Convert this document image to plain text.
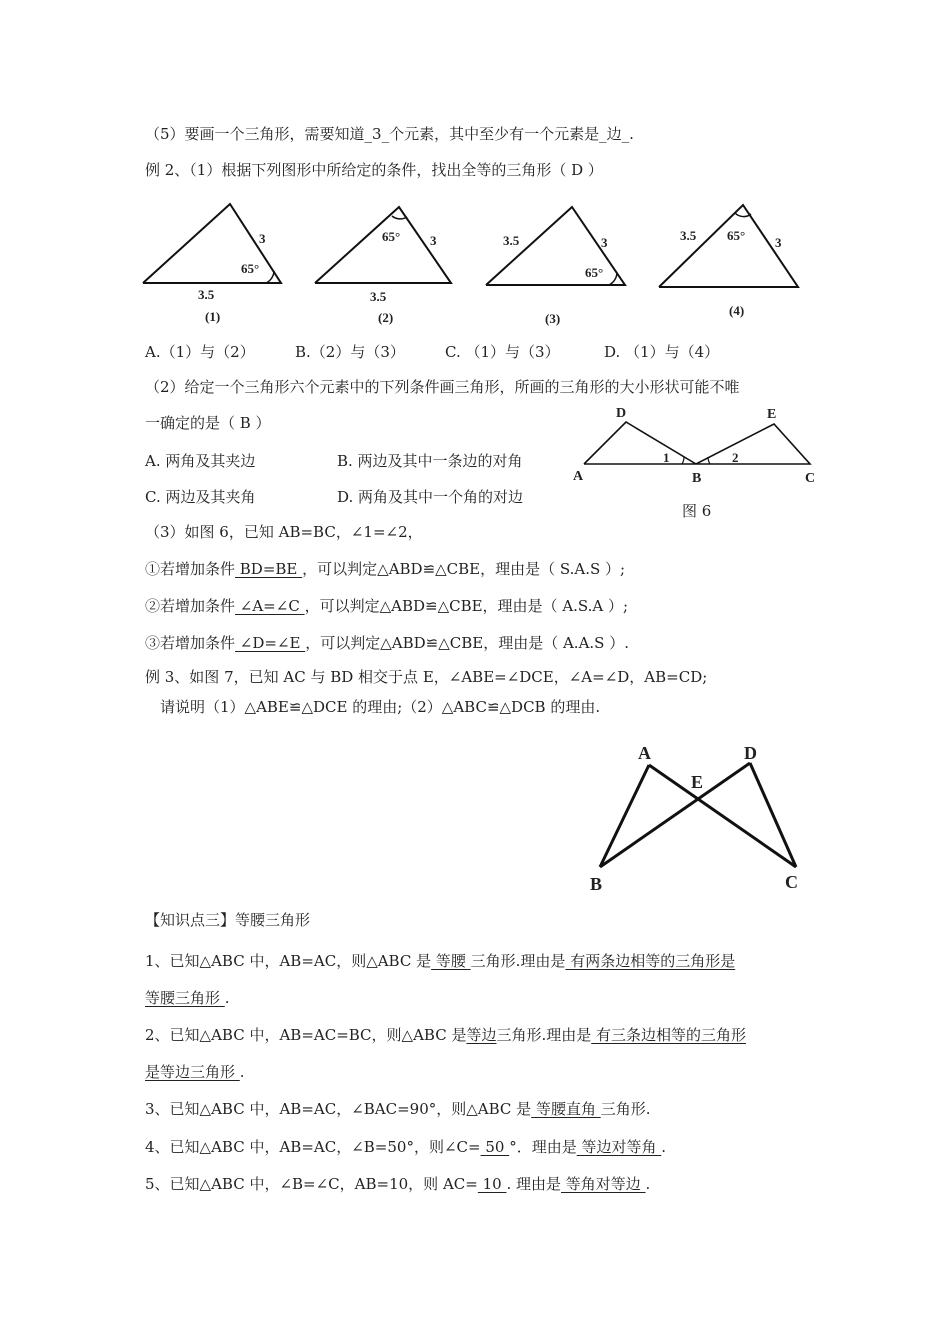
（5）要画一个三角形，需要知道_3_个元素，其中至少有一个元素是_边_.
例 2、（1）根据下列图形中所给定的条件，找出全等的三角形（ D ）
3
65°
3.5
(1)
65° 3
3.5
(2)
3.5	3
65°
(3)
3.5 65° 3
(4)
A.（1）与（2）	B.（2）与（3）	C. （1）与（3）	D. （1）与（4）
（2）给定一个三角形六个元素中的下列条件画三角形，所画的三角形的大小形状可能不唯
一确定的是（ B ）
A. 两角及其夹边	B. 两边及其中一条边的对角
C. 两边及其夹角	D. 两角及其中一个角的对边
D	E
A	B	C
1	2
图 6
（3）如图 6，已知 AB=BC，∠1=∠2，
①若增加条件 BD=BE ，可以判定△ABD≌△CBE，理由是（ S.A.S ）;
②若增加条件 ∠A=∠C ，可以判定△ABD≌△CBE，理由是（ A.S.A ）;
③若增加条件 ∠D=∠E ，可以判定△ABD≌△CBE，理由是（ A.A.S ）.
例 3、如图 7，已知 AC 与 BD 相交于点 E，∠ABE=∠DCE，∠A=∠D，AB=CD;
请说明（1）△ABE≌△DCE 的理由;（2）△ABC≌△DCB 的理由.
A	D
E
B	C
【知识点三】等腰三角形
1、已知△ABC 中，AB=AC，则△ABC 是 等腰 三角形.理由是 有两条边相等的三角形是
等腰三角形 .
2、已知△ABC 中，AB=AC=BC，则△ABC 是等边三角形.理由是 有三条边相等的三角形
是等边三角形 .
3、已知△ABC 中，AB=AC，∠BAC=90°，则△ABC 是 等腰直角 三角形.
4、已知△ABC 中，AB=AC，∠B=50°，则∠C= 50 °．理由是 等边对等角 .
5、已知△ABC 中，∠B=∠C，AB=10，则 AC= 10 . 理由是 等角对等边 .
